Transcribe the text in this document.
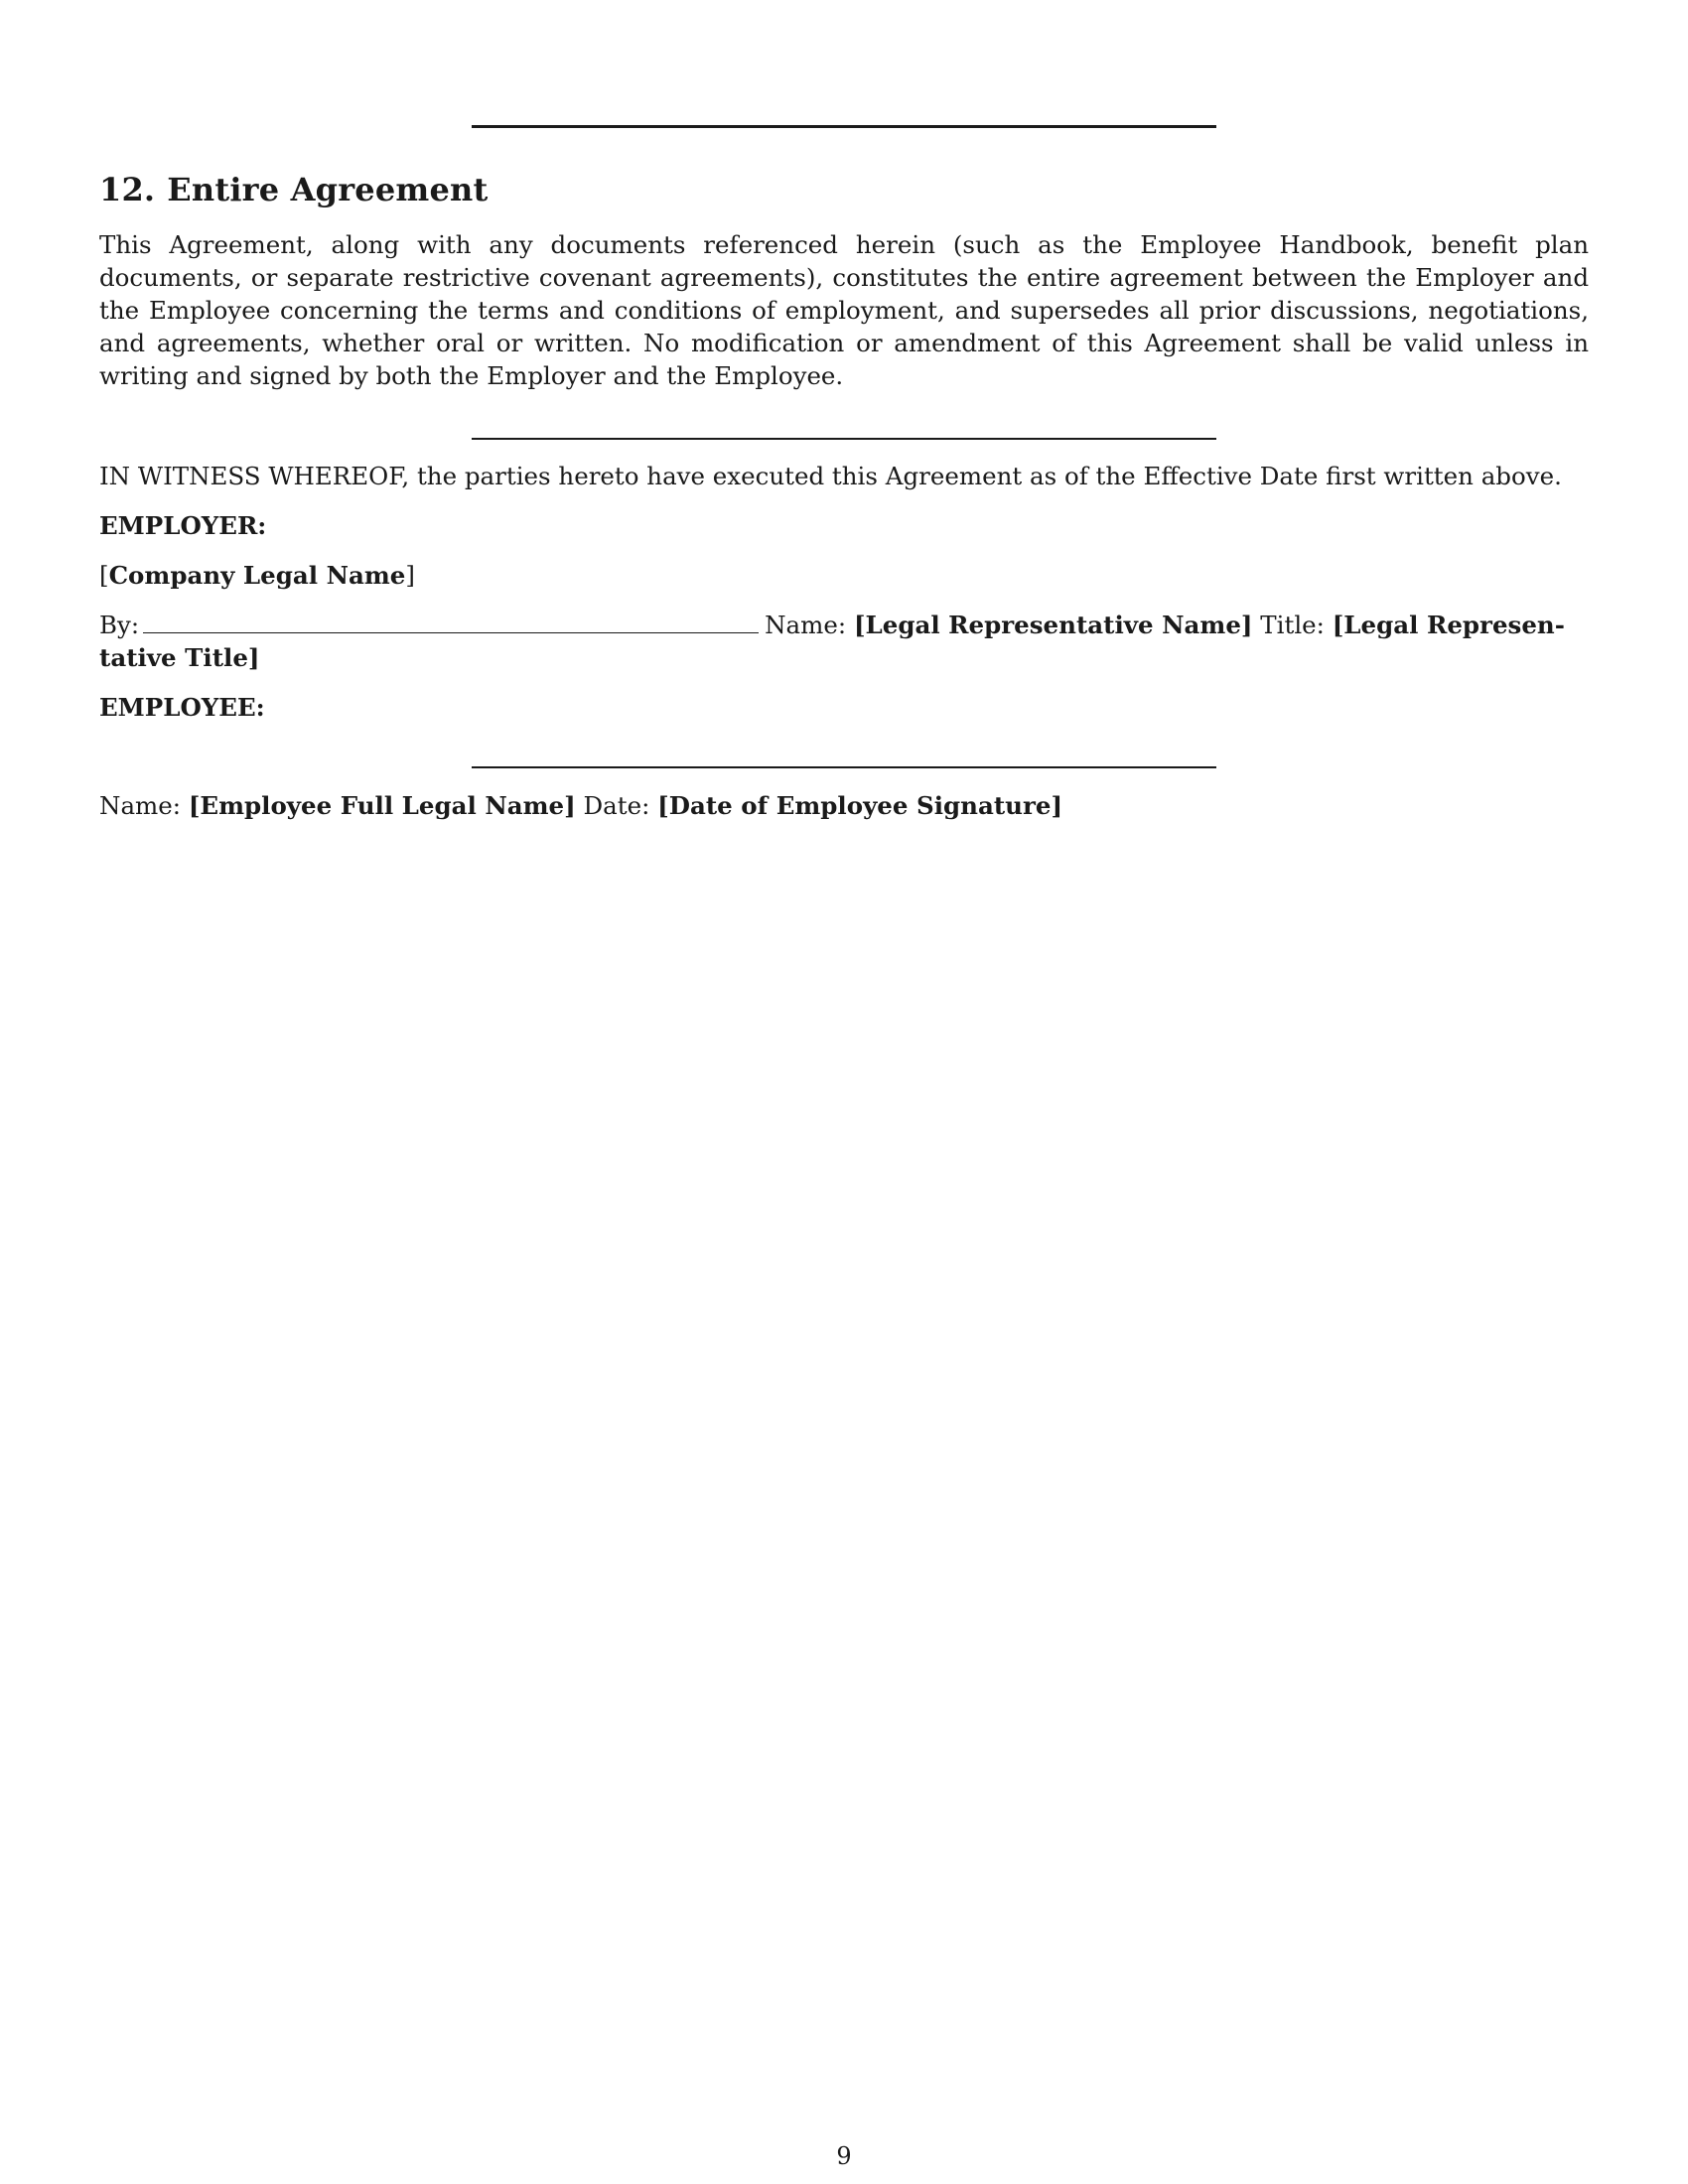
12. Entire Agreement

This Agreement, along with any documents referenced herein (such as the Employee Handbook, benefit plan documents, or separate restrictive covenant agreements), constitutes the entire agreement between the Employer and the Employee concerning the terms and conditions of employment, and supersedes all prior discussions, negotiations, and agreements, whether oral or written. No modification or amendment of this Agreement shall be valid unless in writing and signed by both the Employer and the Employee.

IN WITNESS WHEREOF, the parties hereto have executed this Agreement as of the Effective Date first written above.

EMPLOYER:

[Company Legal Name]

By:	Name: [Legal Representative Name] Title: [Legal Represen-

tative Title]

EMPLOYEE:

Name: [Employee Full Legal Name] Date: [Date of Employee Signature]

9
